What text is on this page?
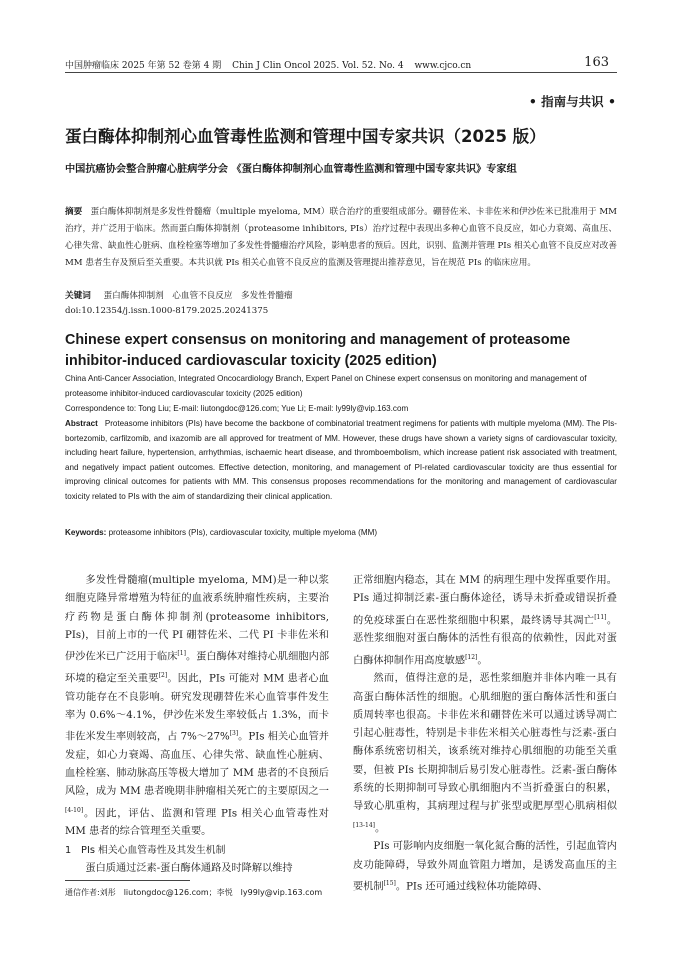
中国肿瘤临床 2025 年第 52 卷第 4 期 Chin J Clin Oncol 2025. Vol. 52. No. 4 www.cjco.cn	163
• 指南与共识 •
蛋白酶体抑制剂心血管毒性监测和管理中国专家共识（2025 版）
中国抗癌协会整合肿瘤心脏病学分会 《蛋白酶体抑制剂心血管毒性监测和管理中国专家共识》专家组
摘要 蛋白酶体抑制剂是多发性骨髓瘤（multiple myeloma, MM）联合治疗的重要组成部分。硼替佐米、卡非佐米和伊沙佐米已批准用于 MM 治疗，并广泛用于临床。然而蛋白酶体抑制剂（proteasome inhibitors, PIs）治疗过程中表现出多种心血管不良反应，如心力衰竭、高血压、心律失常、缺血性心脏病、血栓栓塞等增加了多发性骨髓瘤治疗风险，影响患者的预后。因此，识别、监测并管理 PIs 相关心血管不良反应对改善 MM 患者生存及预后至关重要。本共识就 PIs 相关心血管不良反应的监测及管理提出推荐意见，旨在规范 PIs 的临床应用。
关键词 蛋白酶体抑制剂　心血管不良反应　多发性骨髓瘤
doi:10.12354/j.issn.1000-8179.2025.20241375
Chinese expert consensus on monitoring and management of proteasome inhibitor-induced cardiovascular toxicity (2025 edition)
China Anti-Cancer Association, Integrated Oncocardiology Branch, Expert Panel on Chinese expert consensus on monitoring and management of proteasome inhibitor-induced cardiovascular toxicity (2025 edition)
Correspondence to: Tong Liu; E-mail: liutongdoc@126.com; Yue Li; E-mail: ly99ly@vip.163.com
Abstract Proteasome inhibitors (PIs) have become the backbone of combinatorial treatment regimens for patients with multiple myeloma (MM). The PIs-bortezomib, carfilzomib, and ixazomib are all approved for treatment of MM. However, these drugs have shown a variety signs of cardiovascular toxicity, including heart failure, hypertension, arrhythmias, ischaemic heart disease, and thromboembolism, which increase patient risk associated with treatment, and negatively impact patient outcomes. Effective detection, monitoring, and management of PI-related cardiovascular toxicity are thus essential for improving clinical outcomes for patients with MM. This consensus proposes recommendations for the monitoring and management of cardiovascular toxicity related to PIs with the aim of standardizing their clinical application.
Keywords: proteasome inhibitors (PIs), cardiovascular toxicity, multiple myeloma (MM)

多发性骨髓瘤(multiple myeloma, MM)是一种以浆细胞克隆异常增殖为特征的血液系统肿瘤性疾病，主要治疗药物是蛋白酶体抑制剂(proteasome inhibitors, PIs)，目前上市的一代 PI 硼替佐米、二代 PI 卡非佐米和伊沙佐米已广泛用于临床[1]。蛋白酶体对维持心肌细胞内部环境的稳定至关重要[2]。因此，PIs 可能对 MM 患者心血管功能存在不良影响。研究发现硼替佐米心血管事件发生率为 0.6%～4.1%，伊沙佐米发生率较低占 1.3%，而卡非佐米发生率则较高，占 7%～27%[3]。PIs 相关心血管并发症，如心力衰竭、高血压、心律失常、缺血性心脏病、血栓栓塞、肺动脉高压等极大增加了 MM 患者的不良预后风险，成为 MM 患者晚期非肿瘤相关死亡的主要原因之一[4-10]。因此，评估、监测和管理 PIs 相关心血管毒性对 MM 患者的综合管理至关重要。

1　PIs 相关心血管毒性及其发生机制

蛋白质通过泛素-蛋白酶体通路及时降解以维持

正常细胞内稳态，其在 MM 的病理生理中发挥重要作用。PIs 通过抑制泛素-蛋白酶体途径，诱导未折叠或错误折叠的免疫球蛋白在恶性浆细胞中积累，最终诱导其凋亡[11]。恶性浆细胞对蛋白酶体的活性有很高的依赖性，因此对蛋白酶体抑制作用高度敏感[12]。

然而，值得注意的是，恶性浆细胞并非体内唯一具有高蛋白酶体活性的细胞。心肌细胞的蛋白酶体活性和蛋白质周转率也很高。卡非佐米和硼替佐米可以通过诱导凋亡引起心脏毒性，特别是卡非佐米相关心脏毒性与泛素-蛋白酶体系统密切相关，该系统对维持心肌细胞的功能至关重要，但被 PIs 长期抑制后易引发心脏毒性。泛素-蛋白酶体系统的长期抑制可导致心肌细胞内不当折叠蛋白的积累，导致心肌重构，其病理过程与扩张型或肥厚型心肌病相似[13-14]。

PIs 可影响内皮细胞一氧化氮合酶的活性，引起血管内皮功能障碍，导致外周血管阻力增加，是诱发高血压的主要机制[15]。PIs 还可通过线粒体功能障碍、

通信作者:刘彤　liutongdoc@126.com；李悦　ly99ly@vip.163.com
